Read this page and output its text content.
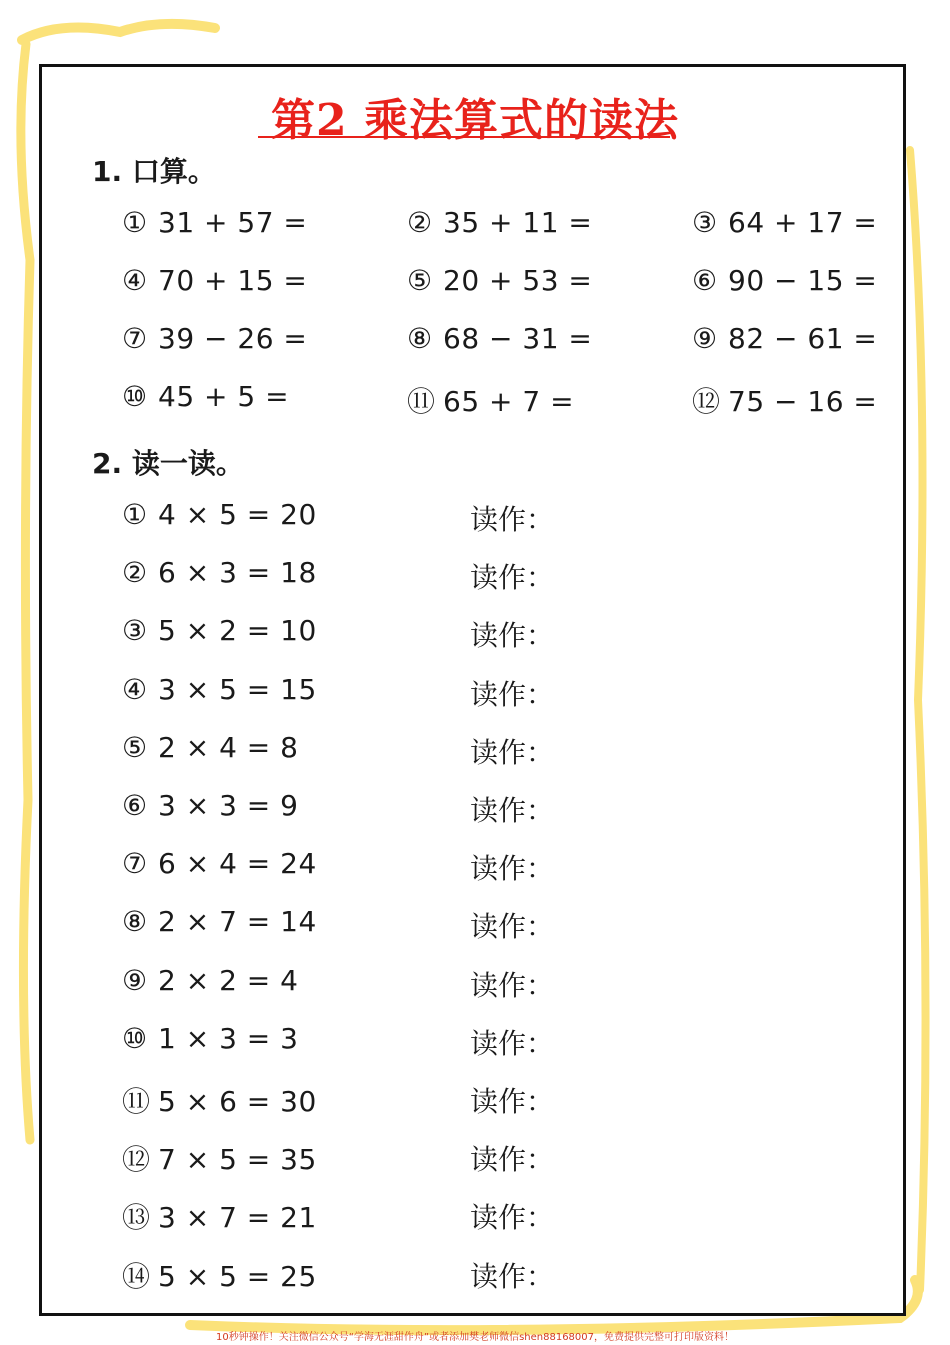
第2 乘法算式的读法
1. 口算。
① 31 + 57 =	② 35 + 11 =	③ 64 + 17 =
④ 70 + 15 =	⑤ 20 + 53 =	⑥ 90 − 15 =
⑦ 39 − 26 =	⑧ 68 − 31 =	⑨ 82 − 61 =
⑩ 45 + 5 =	⑪ 65 + 7 =	⑫ 75 − 16 =
2. 读一读。
① 4 × 5 = 20	读作：
② 6 × 3 = 18	读作：
③ 5 × 2 = 10	读作：
④ 3 × 5 = 15	读作：
⑤ 2 × 4 = 8	读作：
⑥ 3 × 3 = 9	读作：
⑦ 6 × 4 = 24	读作：
⑧ 2 × 7 = 14	读作：
⑨ 2 × 2 = 4	读作：
⑩ 1 × 3 = 3	读作：
⑪ 5 × 6 = 30	读作：
⑫ 7 × 5 = 35	读作：
⑬ 3 × 7 = 21	读作：
⑭ 5 × 5 = 25	读作：
10秒钟操作！关注微信公众号“学海无涯甜作舟”或者添加樊老师微信shen88168007，免费提供完整可打印版资料！
